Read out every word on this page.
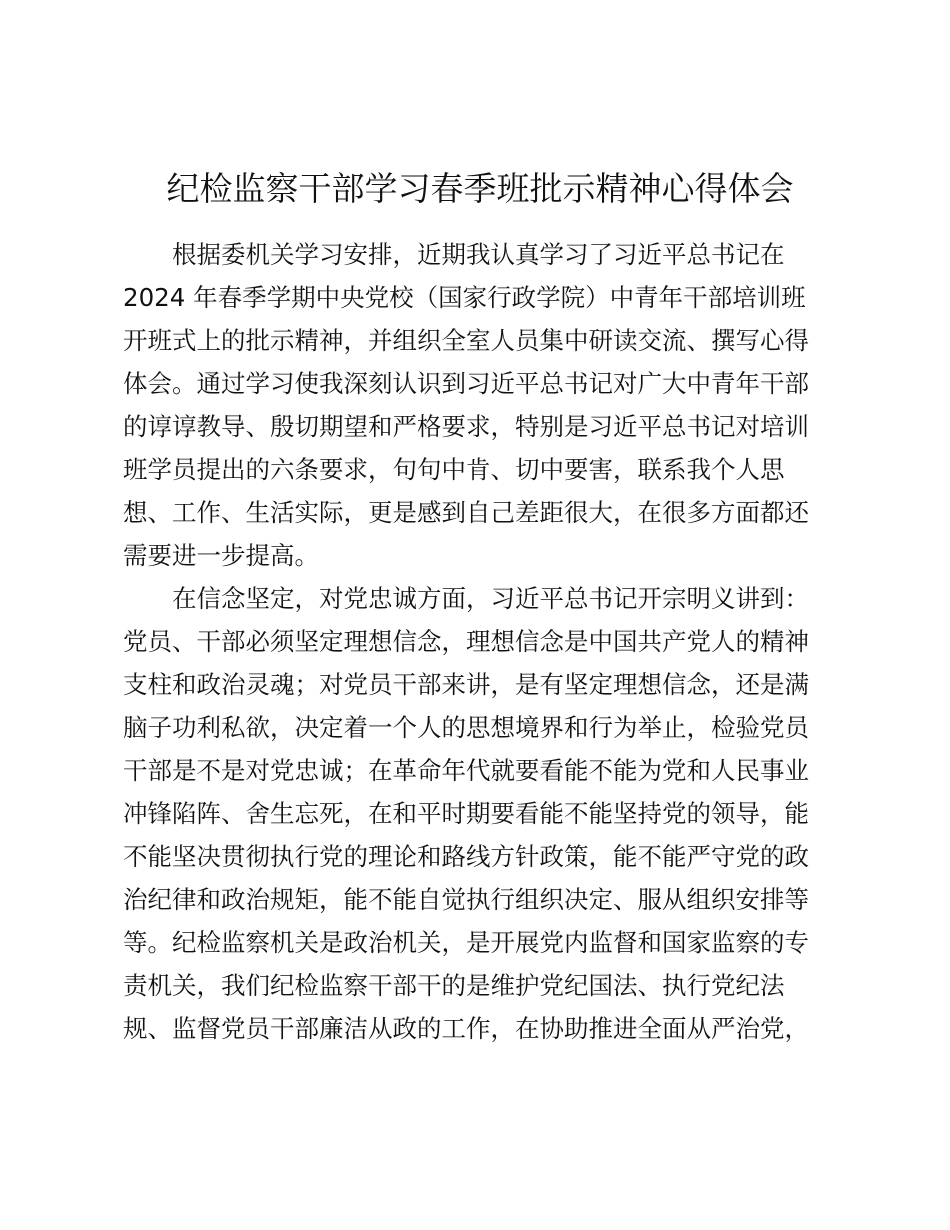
纪检监察干部学习春季班批示精神心得体会
根据委机关学习安排，近期我认真学习了习近平总书记在
2024 年春季学期中央党校（国家行政学院）中青年干部培训班
开班式上的批示精神，并组织全室人员集中研读交流、撰写心得
体会。通过学习使我深刻认识到习近平总书记对广大中青年干部
的谆谆教导、殷切期望和严格要求，特别是习近平总书记对培训
班学员提出的六条要求，句句中肯、切中要害，联系我个人思
想、工作、生活实际，更是感到自己差距很大，在很多方面都还
需要进一步提高。
在信念坚定，对党忠诚方面，习近平总书记开宗明义讲到：
党员、干部必须坚定理想信念，理想信念是中国共产党人的精神
支柱和政治灵魂；对党员干部来讲，是有坚定理想信念，还是满
脑子功利私欲，决定着一个人的思想境界和行为举止，检验党员
干部是不是对党忠诚；在革命年代就要看能不能为党和人民事业
冲锋陷阵、舍生忘死，在和平时期要看能不能坚持党的领导，能
不能坚决贯彻执行党的理论和路线方针政策，能不能严守党的政
治纪律和政治规矩，能不能自觉执行组织决定、服从组织安排等
等。纪检监察机关是政治机关，是开展党内监督和国家监察的专
责机关，我们纪检监察干部干的是维护党纪国法、执行党纪法
规、监督党员干部廉洁从政的工作，在协助推进全面从严治党，
